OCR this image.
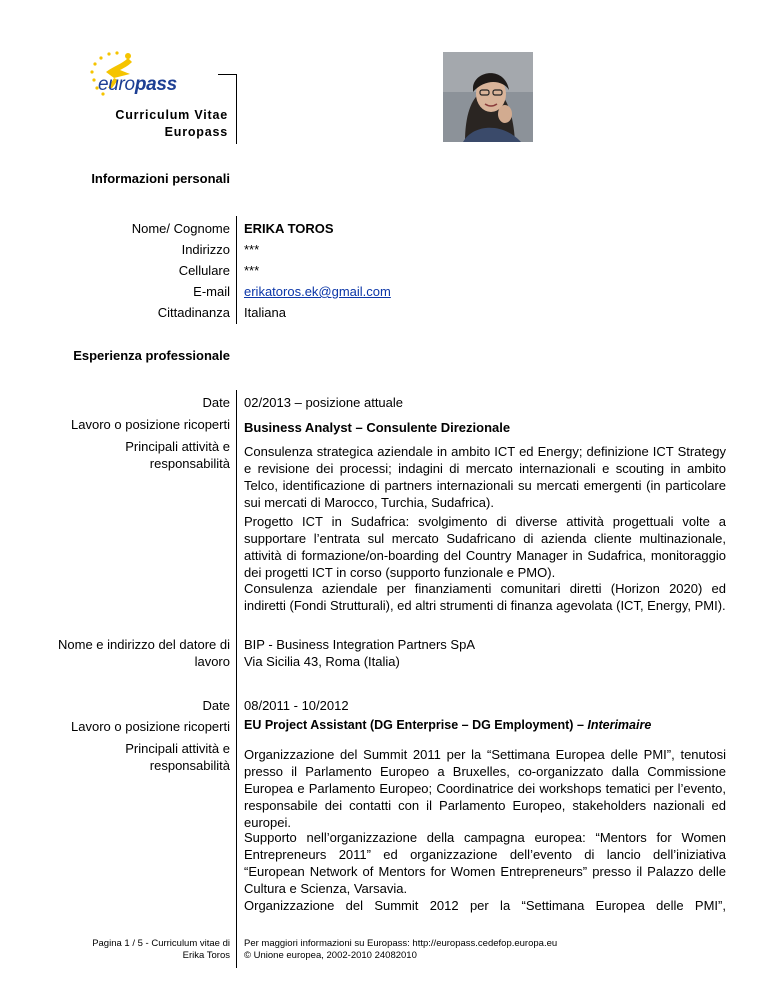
europass
Curriculum Vitae
Europass
Informazioni personali
Nome/ Cognome ERIKA TOROS
Indirizzo ***
Cellulare ***
E-mail erikatoros.ek@gmail.com
Cittadinanza Italiana
Esperienza professionale
Date 02/2013 – posizione attuale
Lavoro o posizione ricoperti Business Analyst – Consulente Direzionale
Principali attività e
responsabilità
Consulenza strategica aziendale in ambito ICT ed Energy; definizione ICT Strategy e revisione dei processi; indagini di mercato internazionali e scouting in ambito Telco, identificazione di partners internazionali su mercati emergenti (in particolare sui mercati di Marocco, Turchia, Sudafrica).
Progetto ICT in Sudafrica: svolgimento di diverse attività progettuali volte a supportare l’entrata sul mercato Sudafricano di azienda cliente multinazionale, attività di formazione/on-boarding del Country Manager in Sudafrica, monitoraggio dei progetti ICT in corso (supporto funzionale e PMO).
Consulenza aziendale per finanziamenti comunitari diretti (Horizon 2020) ed indiretti (Fondi Strutturali), ed altri strumenti di finanza agevolata (ICT, Energy, PMI).
Nome e indirizzo del datore di
lavoro
BIP - Business Integration Partners SpA
Via Sicilia 43, Roma (Italia)
Date 08/2011 - 10/2012
Lavoro o posizione ricoperti EU Project Assistant (DG Enterprise – DG Employment) – Interimaire
Principali attività e
responsabilità
Organizzazione del Summit 2011 per la “Settimana Europea delle PMI”, tenutosi presso il Parlamento Europeo a Bruxelles, co-organizzato dalla Commissione Europea e Parlamento Europeo; Coordinatrice dei workshops tematici per l’evento, responsabile dei contatti con il Parlamento Europeo, stakeholders nazionali ed europei.
Supporto nell’organizzazione della campagna europea: “Mentors for Women Entrepreneurs 2011” ed organizzazione dell’evento di lancio dell’iniziativa “European Network of Mentors for Women Entrepreneurs” presso il Palazzo delle Cultura e Scienza, Varsavia.
Organizzazione del Summit 2012 per la “Settimana Europea delle PMI”,
Pagina 1 / 5 - Curriculum vitae di
Erika Toros
Per maggiori informazioni su Europass: http://europass.cedefop.europa.eu
© Unione europea, 2002-2010 24082010
